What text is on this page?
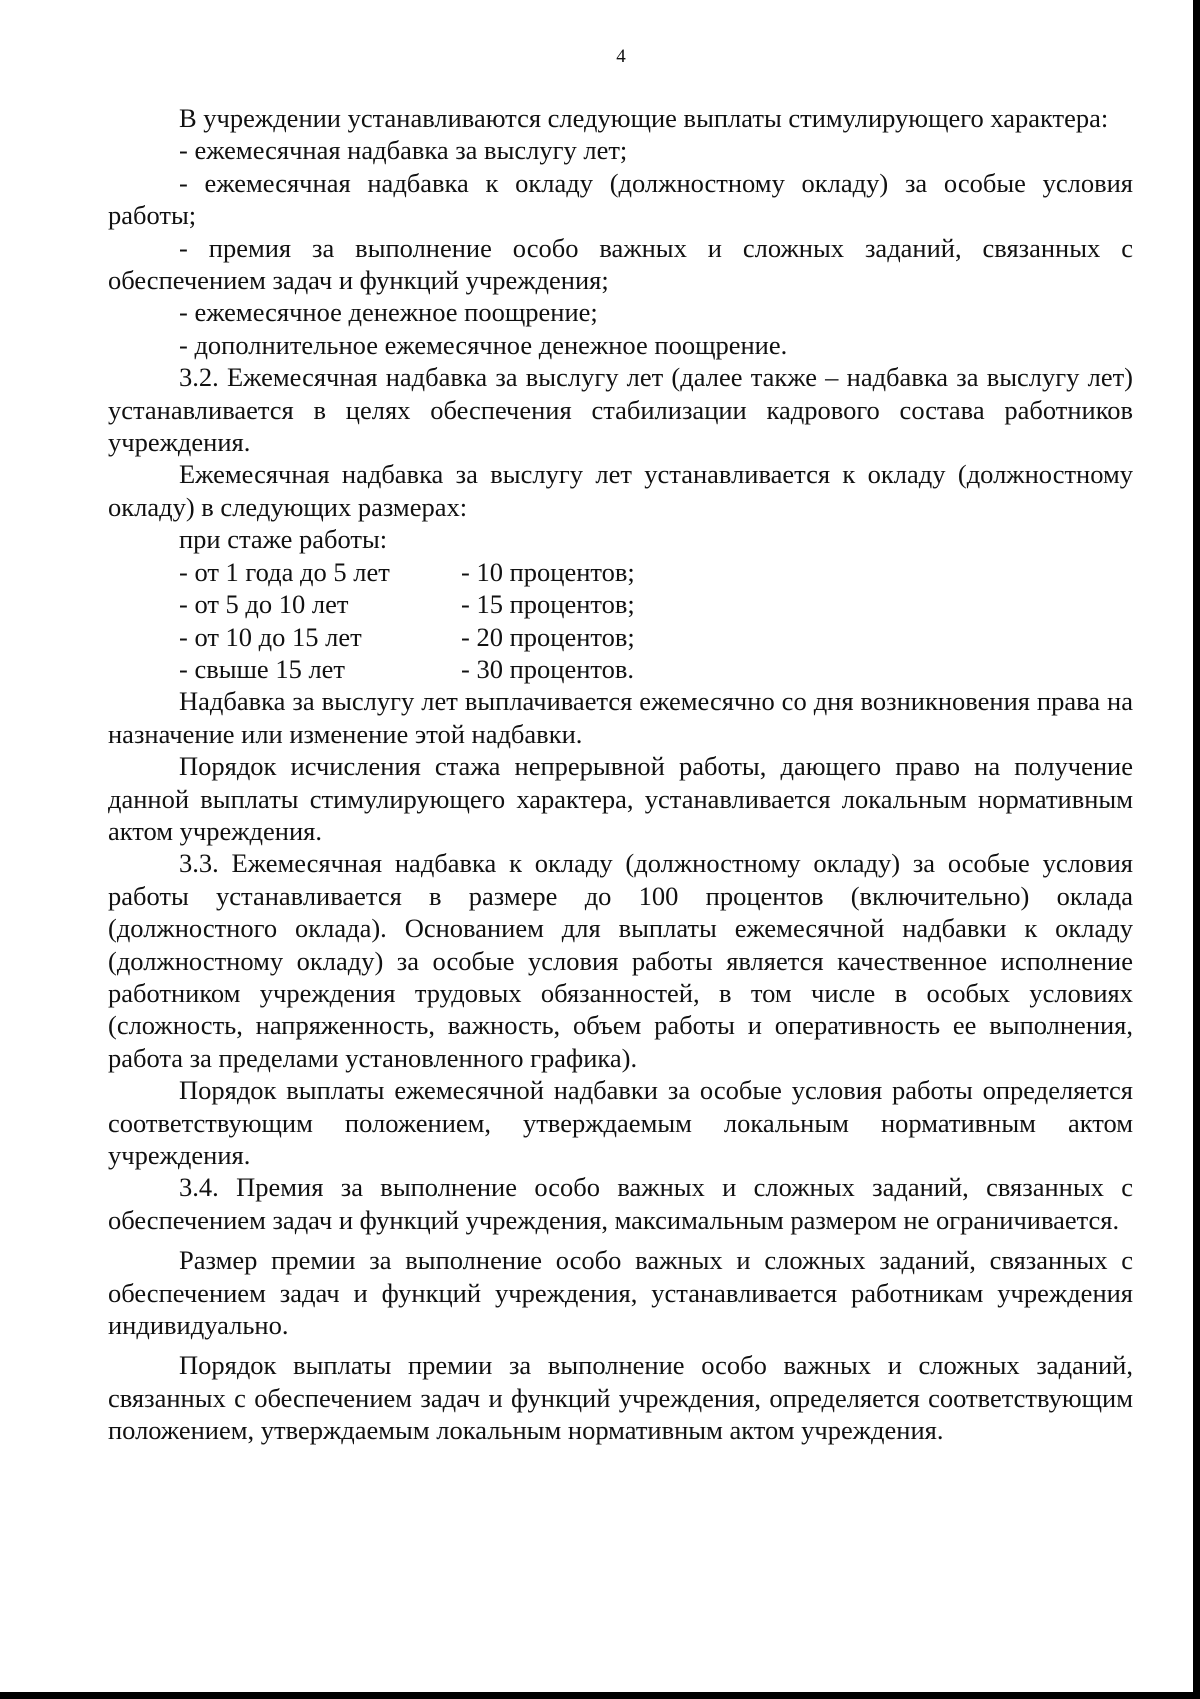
4

В учреждении устанавливаются следующие выплаты стимулирующего характера:

- ежемесячная надбавка за выслугу лет;

- ежемесячная надбавка к окладу (должностному окладу) за особые условия работы;

- премия за выполнение особо важных и сложных заданий, связанных с обеспечением задач и функций учреждения;

- ежемесячное денежное поощрение;

- дополнительное ежемесячное денежное поощрение.

3.2. Ежемесячная надбавка за выслугу лет (далее также – надбавка за выслугу лет) устанавливается в целях обеспечения стабилизации кадрового состава работников учреждения.

Ежемесячная надбавка за выслугу лет устанавливается к окладу (должностному окладу) в следующих размерах:

при стаже работы:

- от 1 года до 5 лет	- 10 процентов;
- от 5 до 10 лет	- 15 процентов;
- от 10 до 15 лет	- 20 процентов;
- свыше 15 лет	- 30 процентов.

Надбавка за выслугу лет выплачивается ежемесячно со дня возникновения права на назначение или изменение этой надбавки.

Порядок исчисления стажа непрерывной работы, дающего право на получение данной выплаты стимулирующего характера, устанавливается локальным нормативным актом учреждения.

3.3. Ежемесячная надбавка к окладу (должностному окладу) за особые условия работы устанавливается в размере до 100 процентов (включительно) оклада (должностного оклада). Основанием для выплаты ежемесячной надбавки к окладу (должностному окладу) за особые условия работы является качественное исполнение работником учреждения трудовых обязанностей, в том числе в особых условиях (сложность, напряженность, важность, объем работы и оперативность ее выполнения, работа за пределами установленного графика).

Порядок выплаты ежемесячной надбавки за особые условия работы определяется соответствующим положением, утверждаемым локальным нормативным актом учреждения.

3.4. Премия за выполнение особо важных и сложных заданий, связанных с обеспечением задач и функций учреждения, максимальным размером не ограничивается.

Размер премии за выполнение особо важных и сложных заданий, связанных с обеспечением задач и функций учреждения, устанавливается работникам учреждения индивидуально.

Порядок выплаты премии за выполнение особо важных и сложных заданий, связанных с обеспечением задач и функций учреждения, определяется соответствующим положением, утверждаемым локальным нормативным актом учреждения.
